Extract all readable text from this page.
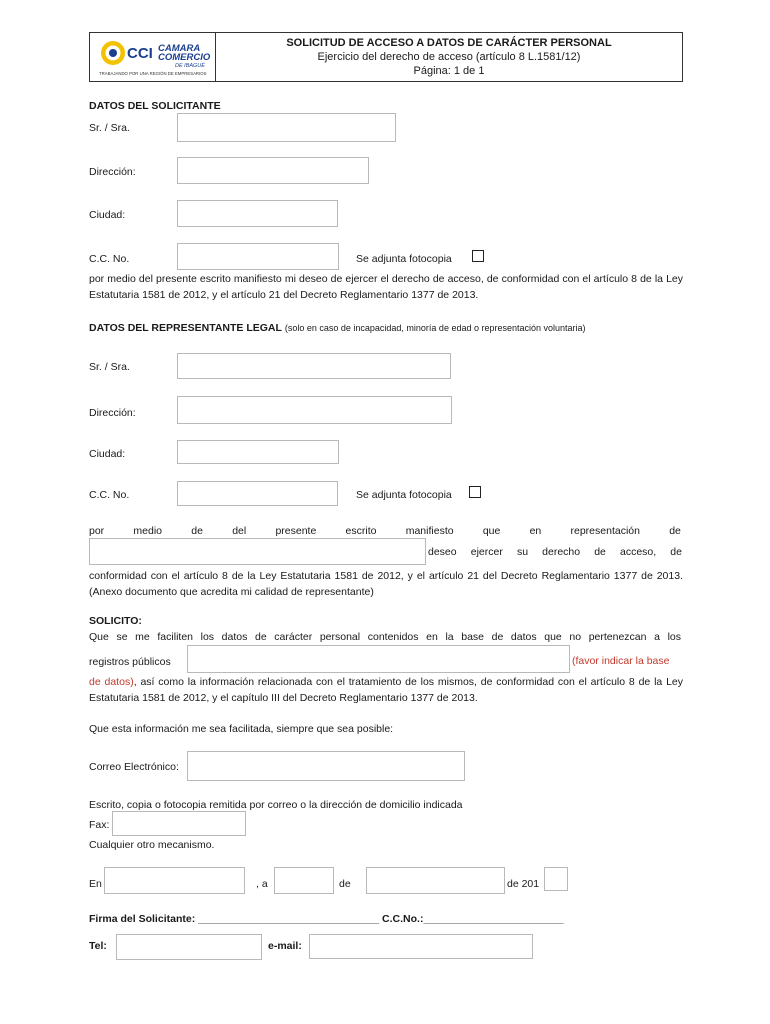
CCI CAMARA
COMERCIO
DE IBAGUÉ
TRABAJANDO POR UNA REGIÓN DE EMPRESARIOS
SOLICITUD DE ACCESO A DATOS DE CARÁCTER PERSONAL
Ejercicio del derecho de acceso (artículo 8 L.1581/12)
Página: 1 de 1
DATOS DEL SOLICITANTE
Sr. / Sra.
Dirección:
Ciudad:
C.C. No.	Se adjunta fotocopia
por medio del presente escrito manifiesto mi deseo de ejercer el derecho de acceso, de conformidad con el artículo 8 de la Ley Estatutaria 1581 de 2012, y el artículo 21 del Decreto Reglamentario 1377 de 2013.
DATOS DEL REPRESENTANTE LEGAL (solo en caso de incapacidad, minoría de edad o representación voluntaria)
Sr. / Sra.
Dirección:
Ciudad:
C.C. No.	Se adjunta fotocopia
por	medio	de	del	presente	escrito	manifiesto	que	en	representación	de
deseo ejercer su derecho de acceso, de
conformidad con el artículo 8 de la Ley Estatutaria 1581 de 2012, y el artículo 21 del Decreto Reglamentario 1377 de 2013. (Anexo documento que acredita mi calidad de representante)
SOLICITO:
Que se me faciliten los datos de carácter personal contenidos en la base de datos que no pertenezcan a los
registros públicos	(favor indicar la base
de datos), así como la información relacionada con el tratamiento de los mismos, de conformidad con el artículo 8 de la Ley Estatutaria 1581 de 2012, y el capítulo III del Decreto Reglamentario 1377 de 2013.
Que esta información me sea facilitada, siempre que sea posible:
Correo Electrónico:
Escrito, copia o fotocopia remitida por correo o la dirección de domicilio indicada
Fax:
Cualquier otro mecanismo.
En	, a	de	de 201
Firma del Solicitante: _______________________________ C.C.No.:________________________
Tel:	e-mail:
